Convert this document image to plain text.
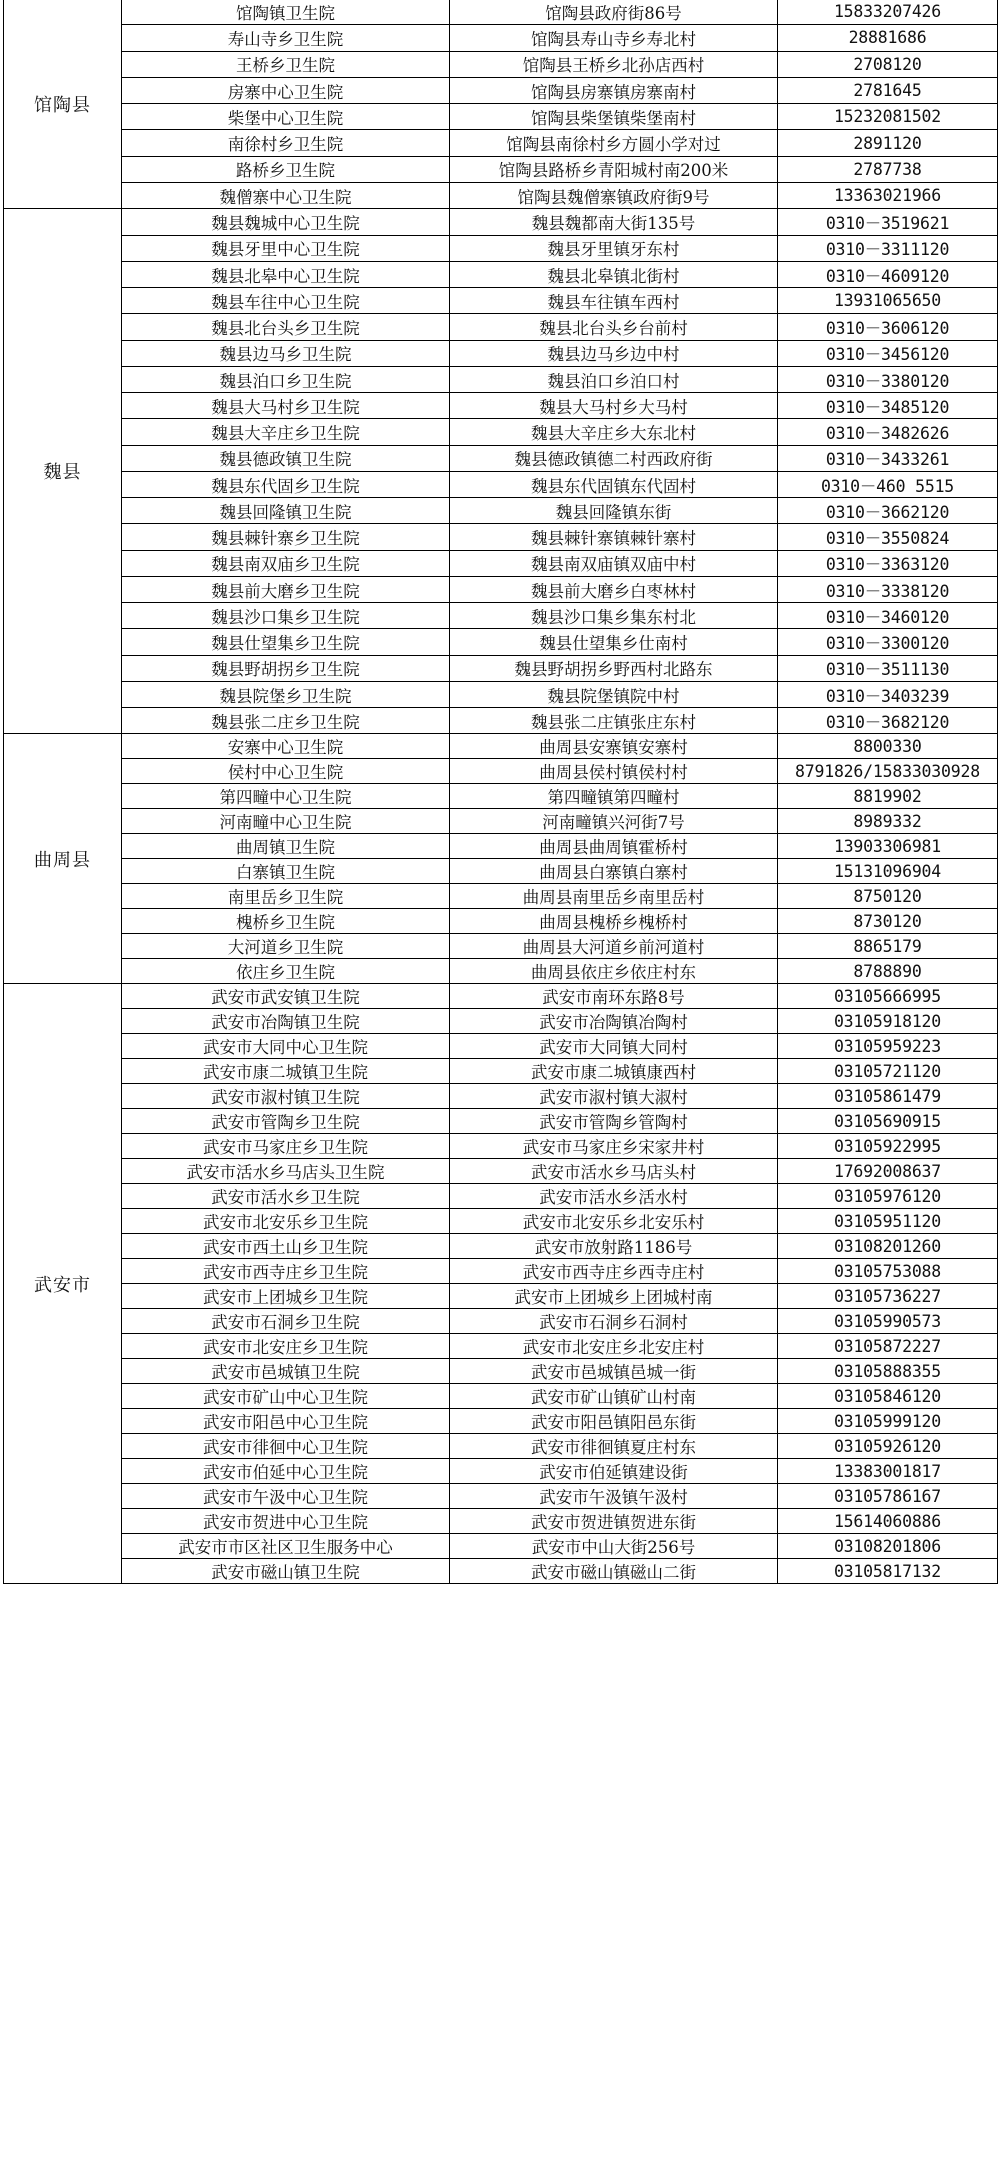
馆陶县	馆陶镇卫生院	馆陶县政府街86号	15833207426
	寿山寺乡卫生院	馆陶县寿山寺乡寿北村	28881686
	王桥乡卫生院	馆陶县王桥乡北孙店西村	2708120
	房寨中心卫生院	馆陶县房寨镇房寨南村	2781645
	柴堡中心卫生院	馆陶县柴堡镇柴堡南村	15232081502
	南徐村乡卫生院	馆陶县南徐村乡方圆小学对过	2891120
	路桥乡卫生院	馆陶县路桥乡青阳城村南200米	2787738
	魏僧寨中心卫生院	馆陶县魏僧寨镇政府街9号	13363021966
魏县	魏县魏城中心卫生院	魏县魏都南大街135号	0310－3519621
	魏县牙里中心卫生院	魏县牙里镇牙东村	0310－3311120
	魏县北皋中心卫生院	魏县北皋镇北街村	0310－4609120
	魏县车往中心卫生院	魏县车往镇车西村	13931065650
	魏县北台头乡卫生院	魏县北台头乡台前村	0310－3606120
	魏县边马乡卫生院	魏县边马乡边中村	0310－3456120
	魏县泊口乡卫生院	魏县泊口乡泊口村	0310－3380120
	魏县大马村乡卫生院	魏县大马村乡大马村	0310－3485120
	魏县大辛庄乡卫生院	魏县大辛庄乡大东北村	0310－3482626
	魏县德政镇卫生院	魏县德政镇德二村西政府街	0310－3433261
	魏县东代固乡卫生院	魏县东代固镇东代固村	0310－460 5515
	魏县回隆镇卫生院	魏县回隆镇东街	0310－3662120
	魏县棘针寨乡卫生院	魏县棘针寨镇棘针寨村	0310－3550824
	魏县南双庙乡卫生院	魏县南双庙镇双庙中村	0310－3363120
	魏县前大磨乡卫生院	魏县前大磨乡白枣林村	0310－3338120
	魏县沙口集乡卫生院	魏县沙口集乡集东村北	0310－3460120
	魏县仕望集乡卫生院	魏县仕望集乡仕南村	0310－3300120
	魏县野胡拐乡卫生院	魏县野胡拐乡野西村北路东	0310－3511130
	魏县院堡乡卫生院	魏县院堡镇院中村	0310－3403239
	魏县张二庄乡卫生院	魏县张二庄镇张庄东村	0310－3682120
曲周县	安寨中心卫生院	曲周县安寨镇安寨村	8800330
	侯村中心卫生院	曲周县侯村镇侯村村	8791826/15833030928
	第四疃中心卫生院	第四疃镇第四疃村	8819902
	河南疃中心卫生院	河南疃镇兴河街7号	8989332
	曲周镇卫生院	曲周县曲周镇霍桥村	13903306981
	白寨镇卫生院	曲周县白寨镇白寨村	15131096904
	南里岳乡卫生院	曲周县南里岳乡南里岳村	8750120
	槐桥乡卫生院	曲周县槐桥乡槐桥村	8730120
	大河道乡卫生院	曲周县大河道乡前河道村	8865179
	依庄乡卫生院	曲周县依庄乡依庄村东	8788890
武安市	武安市武安镇卫生院	武安市南环东路8号	03105666995
	武安市冶陶镇卫生院	武安市冶陶镇冶陶村	03105918120
	武安市大同中心卫生院	武安市大同镇大同村	03105959223
	武安市康二城镇卫生院	武安市康二城镇康西村	03105721120
	武安市淑村镇卫生院	武安市淑村镇大淑村	03105861479
	武安市管陶乡卫生院	武安市管陶乡管陶村	03105690915
	武安市马家庄乡卫生院	武安市马家庄乡宋家井村	03105922995
	武安市活水乡马店头卫生院	武安市活水乡马店头村	17692008637
	武安市活水乡卫生院	武安市活水乡活水村	03105976120
	武安市北安乐乡卫生院	武安市北安乐乡北安乐村	03105951120
	武安市西土山乡卫生院	武安市放射路1186号	03108201260
	武安市西寺庄乡卫生院	武安市西寺庄乡西寺庄村	03105753088
	武安市上团城乡卫生院	武安市上团城乡上团城村南	03105736227
	武安市石洞乡卫生院	武安市石洞乡石洞村	03105990573
	武安市北安庄乡卫生院	武安市北安庄乡北安庄村	03105872227
	武安市邑城镇卫生院	武安市邑城镇邑城一街	03105888355
	武安市矿山中心卫生院	武安市矿山镇矿山村南	03105846120
	武安市阳邑中心卫生院	武安市阳邑镇阳邑东街	03105999120
	武安市徘徊中心卫生院	武安市徘徊镇夏庄村东	03105926120
	武安市伯延中心卫生院	武安市伯延镇建设街	13383001817
	武安市午汲中心卫生院	武安市午汲镇午汲村	03105786167
	武安市贺进中心卫生院	武安市贺进镇贺进东街	15614060886
	武安市市区社区卫生服务中心	武安市中山大街256号	03108201806
	武安市磁山镇卫生院	武安市磁山镇磁山二街	03105817132
